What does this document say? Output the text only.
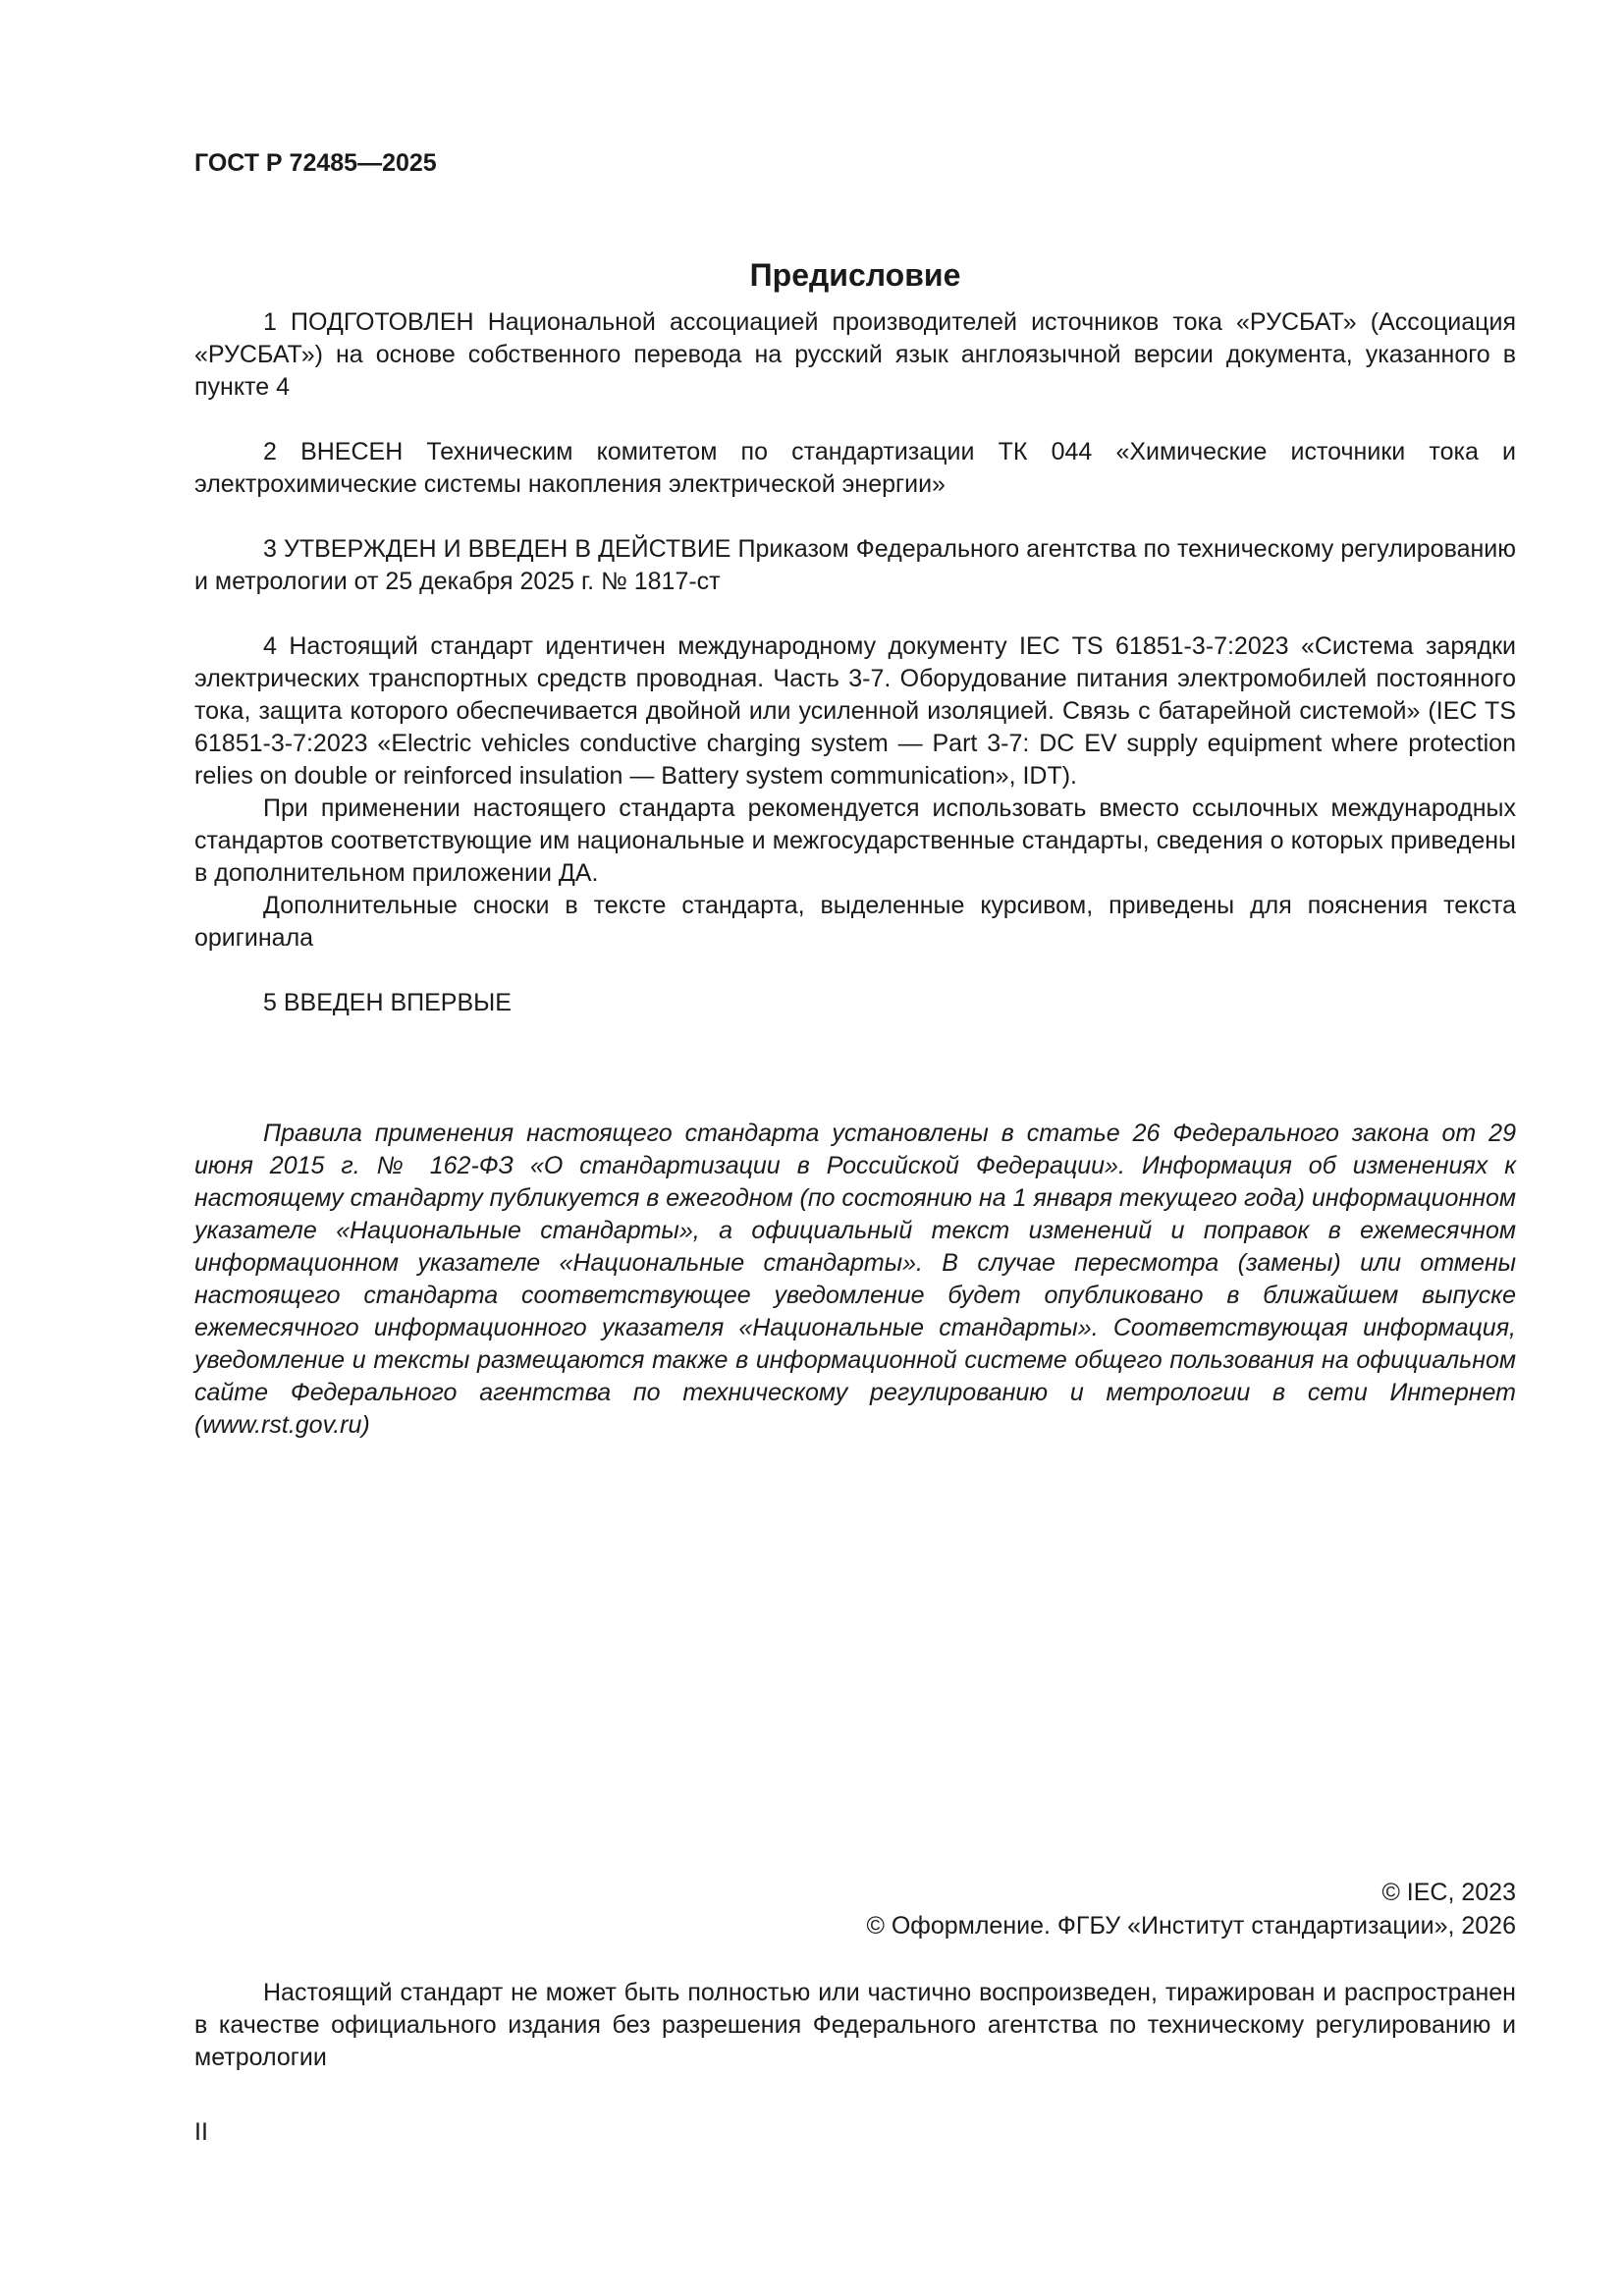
ГОСТ Р 72485—2025

Предисловие

1 ПОДГОТОВЛЕН Национальной ассоциацией производителей источников тока «РУСБАТ» (Ассоциация «РУСБАТ») на основе собственного перевода на русский язык англоязычной версии документа, указанного в пункте 4

2 ВНЕСЕН Техническим комитетом по стандартизации ТК 044 «Химические источники тока и электрохимические системы накопления электрической энергии»

3 УТВЕРЖДЕН И ВВЕДЕН В ДЕЙСТВИЕ Приказом Федерального агентства по техническому регулированию и метрологии от 25 декабря 2025 г. № 1817-ст

4 Настоящий стандарт идентичен международному документу IEC TS 61851-3-7:2023 «Система зарядки электрических транспортных средств проводная. Часть 3-7. Оборудование питания электромобилей постоянного тока, защита которого обеспечивается двойной или усиленной изоляцией. Связь с батарейной системой» (IEC TS 61851-3-7:2023 «Electric vehicles conductive charging system — Part 3-7: DC EV supply equipment where protection relies on double or reinforced insulation — Battery system communication», IDT).

При применении настоящего стандарта рекомендуется использовать вместо ссылочных международных стандартов соответствующие им национальные и межгосударственные стандарты, сведения о которых приведены в дополнительном приложении ДА.

Дополнительные сноски в тексте стандарта, выделенные курсивом, приведены для пояснения текста оригинала

5 ВВЕДЕН ВПЕРВЫЕ

Правила применения настоящего стандарта установлены в статье 26 Федерального закона от 29 июня 2015 г. № 162-ФЗ «О стандартизации в Российской Федерации». Информация об изменениях к настоящему стандарту публикуется в ежегодном (по состоянию на 1 января текущего года) информационном указателе «Национальные стандарты», а официальный текст изменений и поправок в ежемесячном информационном указателе «Национальные стандарты». В случае пересмотра (замены) или отмены настоящего стандарта соответствующее уведомление будет опубликовано в ближайшем выпуске ежемесячного информационного указателя «Национальные стандарты». Соответствующая информация, уведомление и тексты размещаются также в информационной системе общего пользования на официальном сайте Федерального агентства по техническому регулированию и метрологии в сети Интернет (www.rst.gov.ru)

© IEC, 2023
© Оформление. ФГБУ «Институт стандартизации», 2026

Настоящий стандарт не может быть полностью или частично воспроизведен, тиражирован и распространен в качестве официального издания без разрешения Федерального агентства по техническому регулированию и метрологии

II
